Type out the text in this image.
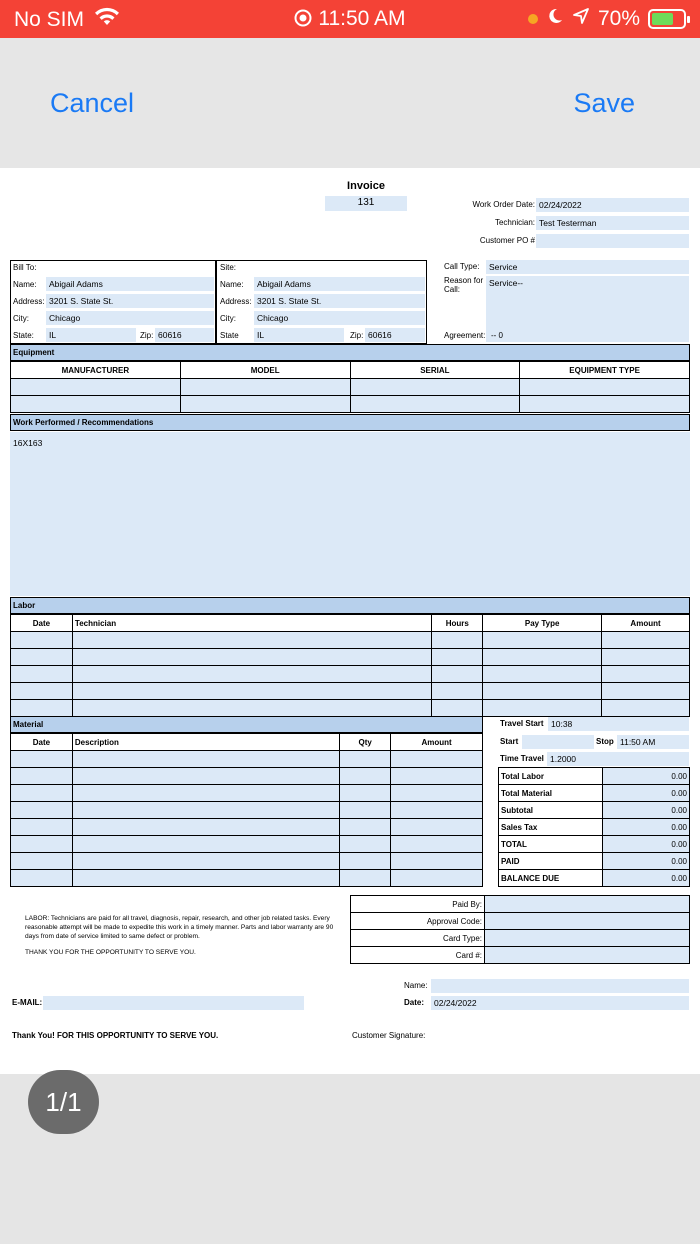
No SIM	11:50 AM	70%
Cancel	Save
Invoice
131	Work Order Date: 02/24/2022
Technician: Test Testerman
Customer PO #
Bill To:
Name:	Abigail Adams
Address: 3201 S. State St.
City:	Chicago
State:	IL	Zip: 60616
Site:
Name:	Abigail Adams
Address: 3201 S. State St.
City:	Chicago
State	IL	Zip: 60616
Call Type:	Service
Reason for Call:
Service--
Agreement: -- 0
Equipment
MANUFACTURER	MODEL	SERIAL	EQUIPMENT TYPE

Work Performed / Recommendations
16X163
Labor
Date	Technician	Hours	Pay Type	Amount

Material
Date	Description	Qty	Amount

Travel Start 10:38
Start	Stop 11:50 AM
Time Travel 1.2000
Total Labor	0.00
Total Material	0.00
Subtotal	0.00
Sales Tax	0.00
TOTAL	0.00
PAID	0.00
BALANCE DUE	0.00
Paid By:	
Approval Code:	
Card Type:	
Card #:	
LABOR: Technicians are paid for all travel, diagnosis, repair, research, and other job related tasks. Every reasonable attempt will be made to expedite this work in a timely manner. Parts and labor warranty are 90 days from date of service limited to same defect or problem.
THANK YOU FOR THE OPPORTUNITY TO SERVE YOU.
Name:
E-MAIL:	Date:	02/24/2022
Thank You! FOR THIS OPPORTUNITY TO SERVE YOU.	Customer Signature:
1/1
